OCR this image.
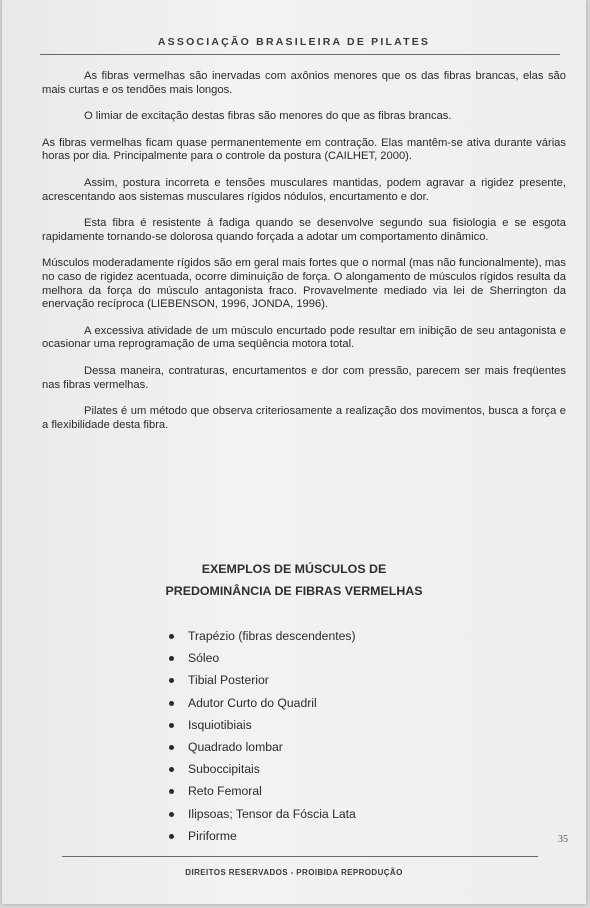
ASSOCIAÇÃO BRASILEIRA DE PILATES

As fibras vermelhas são inervadas com axônios menores que os das fibras brancas, elas são mais curtas e os tendões mais longos.

O limiar de excitação destas fibras são menores do que as fibras brancas.

As fibras vermelhas ficam quase permanentemente em contração. Elas mantêm-se ativa durante várias horas por dia. Principalmente para o controle da postura (CAILHET, 2000).

Assim, postura incorreta e tensões musculares mantidas, podem agravar a rigidez presente, acrescentando aos sistemas musculares rígidos nódulos, encurtamento e dor.

Esta fibra é resistente à fadiga quando se desenvolve segundo sua fisiologia e se esgota rapidamente tornando-se dolorosa quando forçada a adotar um comportamento dinâmico.

Músculos moderadamente rígidos são em geral mais fortes que o normal (mas não funcionalmente), mas no caso de rigidez acentuada, ocorre diminuição de força. O alongamento de músculos rígidos resulta da melhora da força do músculo antagonista fraco. Provavelmente mediado via lei de Sherrington da enervação recíproca (LIEBENSON, 1996, JONDA, 1996).

A excessiva atividade de um músculo encurtado pode resultar em inibição de seu antagonista e ocasionar uma reprogramação de uma seqüência motora total.

Dessa maneira, contraturas, encurtamentos e dor com pressão, parecem ser mais freqüentes nas fibras vermelhas.

Pilates é um método que observa criteriosamente a realização dos movimentos, busca a força e a flexibilidade desta fibra.

EXEMPLOS DE MÚSCULOS DE
PREDOMINÂNCIA DE FIBRAS VERMELHAS
Trapézio (fibras descendentes)
Sóleo
Tibial Posterior
Adutor Curto do Quadril
Isquiotibiais
Quadrado lombar
Suboccipitais
Reto Femoral
Ilipsoas; Tensor da Fóscia Lata
Piriforme	35
DIREITOS RESERVADOS - PROIBIDA REPRODUÇÃO
